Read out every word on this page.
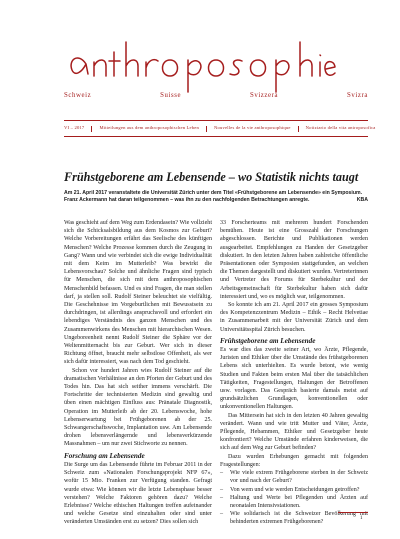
Schweiz	Suisse	Svizzera	Svizra
VI – 2017	Mitteilungen aus dem anthroposophischen Leben	Nouvelles de la vie anthroposophique	Notiziario della vita antroposofica
Frühstgeborene am Lebensende – wo Statistik nichts taugt
Am 21. April 2017 veranstaltete die Universität Zürich unter dem Titel «Frühstgeborene am Lebensende» ein Symposium. Franz Ackermann hat daran teilgenommen – was ihn zu den nachfolgenden Betrachtungen anregte.	KBA

Was geschieht auf dem Weg zum Erdendasein? Wie vollzieht sich die Schicksalsbildung aus dem Kosmos zur Geburt? Welche Vorbereitungen erfährt das Seelische des künftigen Menschen? Welche Prozesse kommen durch die Zeugung in Gang? Wann und wie verbindet sich die ewige Individualität mit dem Keim im Mutterleib? Was bewirkt die Lebensvorschau? Solche und ähnliche Fragen sind typisch für Menschen, die sich mit dem anthroposophischen Menschenbild befassen. Und es sind Fragen, die man stellen darf, ja stellen soll. Rudolf Steiner beleuchtet sie vielfältig. Die Geschehnisse im Vorgeburtlichen mit Bewusstsein zu durchdringen, ist allerdings anspruchsvoll und erfordert ein lebendiges Verständnis des ganzen Menschen und des Zusammenwirkens des Menschen mit hierarchischen Wesen. Ungeboreenheit nennt Rudolf Steiner die Sphäre vor der Weltenmitternacht bis zur Geburt. Wer sich in dieser Richtung öffnet, braucht mehr selbstlose Offenheit, als wer sich dafür interessiert, was nach dem Tod geschieht.

Schon vor hundert Jahren wies Rudolf Steiner auf die dramatischen Verhältnisse an den Pforten der Geburt und des Todes hin. Das hat sich seither immens verschärft. Die Fortschritte der technisierten Medizin sind gewaltig und üben einen mächtigen Einfluss aus: Pränatale Diagnostik, Operation im Mutterleib ab der 20. Lebenswoche, hohe Lebenserwartung bei Frühgeborenen ab der 25. Schwangerschaftswoche, Implantation usw. Am Lebensende drohen lebensverlängernde und lebensverkürzende Massnahmen – um nur zwei Stichworte zu nennen.

Forschung am Lebensende

Die Surge um das Lebensende führte im Februar 2011 in der Schweiz zum «Nationalen Forschungsprojekt NFP 67», wofür 15 Mio. Franken zur Verfügung standen. Gefragt wurde etwa: Wie können wir die letzte Lebensphase besser verstehen? Welche Faktoren gehören dazu? Welche Erlebnisse? Welche ethischen Haltungen treffen aufeinander und welche Gesetze sind einzuhalten oder sind unter veränderten Umständen erst zu setzen? Dies sollen sich

33 Forscherteams mit mehreren hundert Forschenden bemühen. Heute ist eine Grosszahl der Forschungen abgeschlossen. Berichte und Publikationen werden ausgearbeitet. Empfehlungen zu Handen der Gesetzgeber diskutiert. In den letzten Jahren haben zahlreiche öffentliche Präsentationen oder Symposien stattgefunden, an welchen die Themen dargestellt und diskutiert wurden. Vertreterinnen und Vertreter des Forums für Sterbekultur und der Arbeitsgemeinschaft für Sterbekultur haben sich dafür interessiert und, wo es möglich war, teilgenommen.

So konnte ich am 21. April 2017 ein grosses Symposium des Kompetenzzentrum Medizin – Ethik – Recht Helvetiae in Zusammenarbeit mit der Universität Zürich und dem Universitätsspital Zürich besuchen.

Frühstgeborene am Lebensende

Es war dies das zweite seiner Art, wo Ärzte, Pflegende, Juristen und Ethiker über die Umstände des frühstgeborenen Lebens sich unterhielten. Es wurde betont, wie wenig Studien und Fakten beim ersten Mal über die tatsächlichen Tätigkeiten, Fragestellungen, Haltungen der Betroffenen usw. vorlagen. Das Gespräch basierte damals meist auf grundsätzlichen Grundlagen, konventionellen oder unkonventionellen Haltungen.

Das Mittersein hat sich in den letzten 40 Jahren gewaltig verändert. Wann und wie tritt Mutter und Väter, Ärzte, Pflegende, Hebammen, Ethiker und Gesetzgeber heute konfrontiert? Welche Umstände erfahren kinderweisen, die sich auf dem Weg zur Geburt befinden?

Dazu wurden Erhebungen gemacht mit folgenden Fragestellungen:

– Wie viele extrem Frühgeborene sterben in der Schweiz vor und nach der Geburt?
– Von wem und wie werden Entscheidungen getroffen?
– Haltung und Werte bei Pflegenden und Ärzten auf neonatalen Intensivstationen.
– Wie solidarisch ist die Schweizer Bevölkerung mit behinderten extremen Frühgeborenen?
1
